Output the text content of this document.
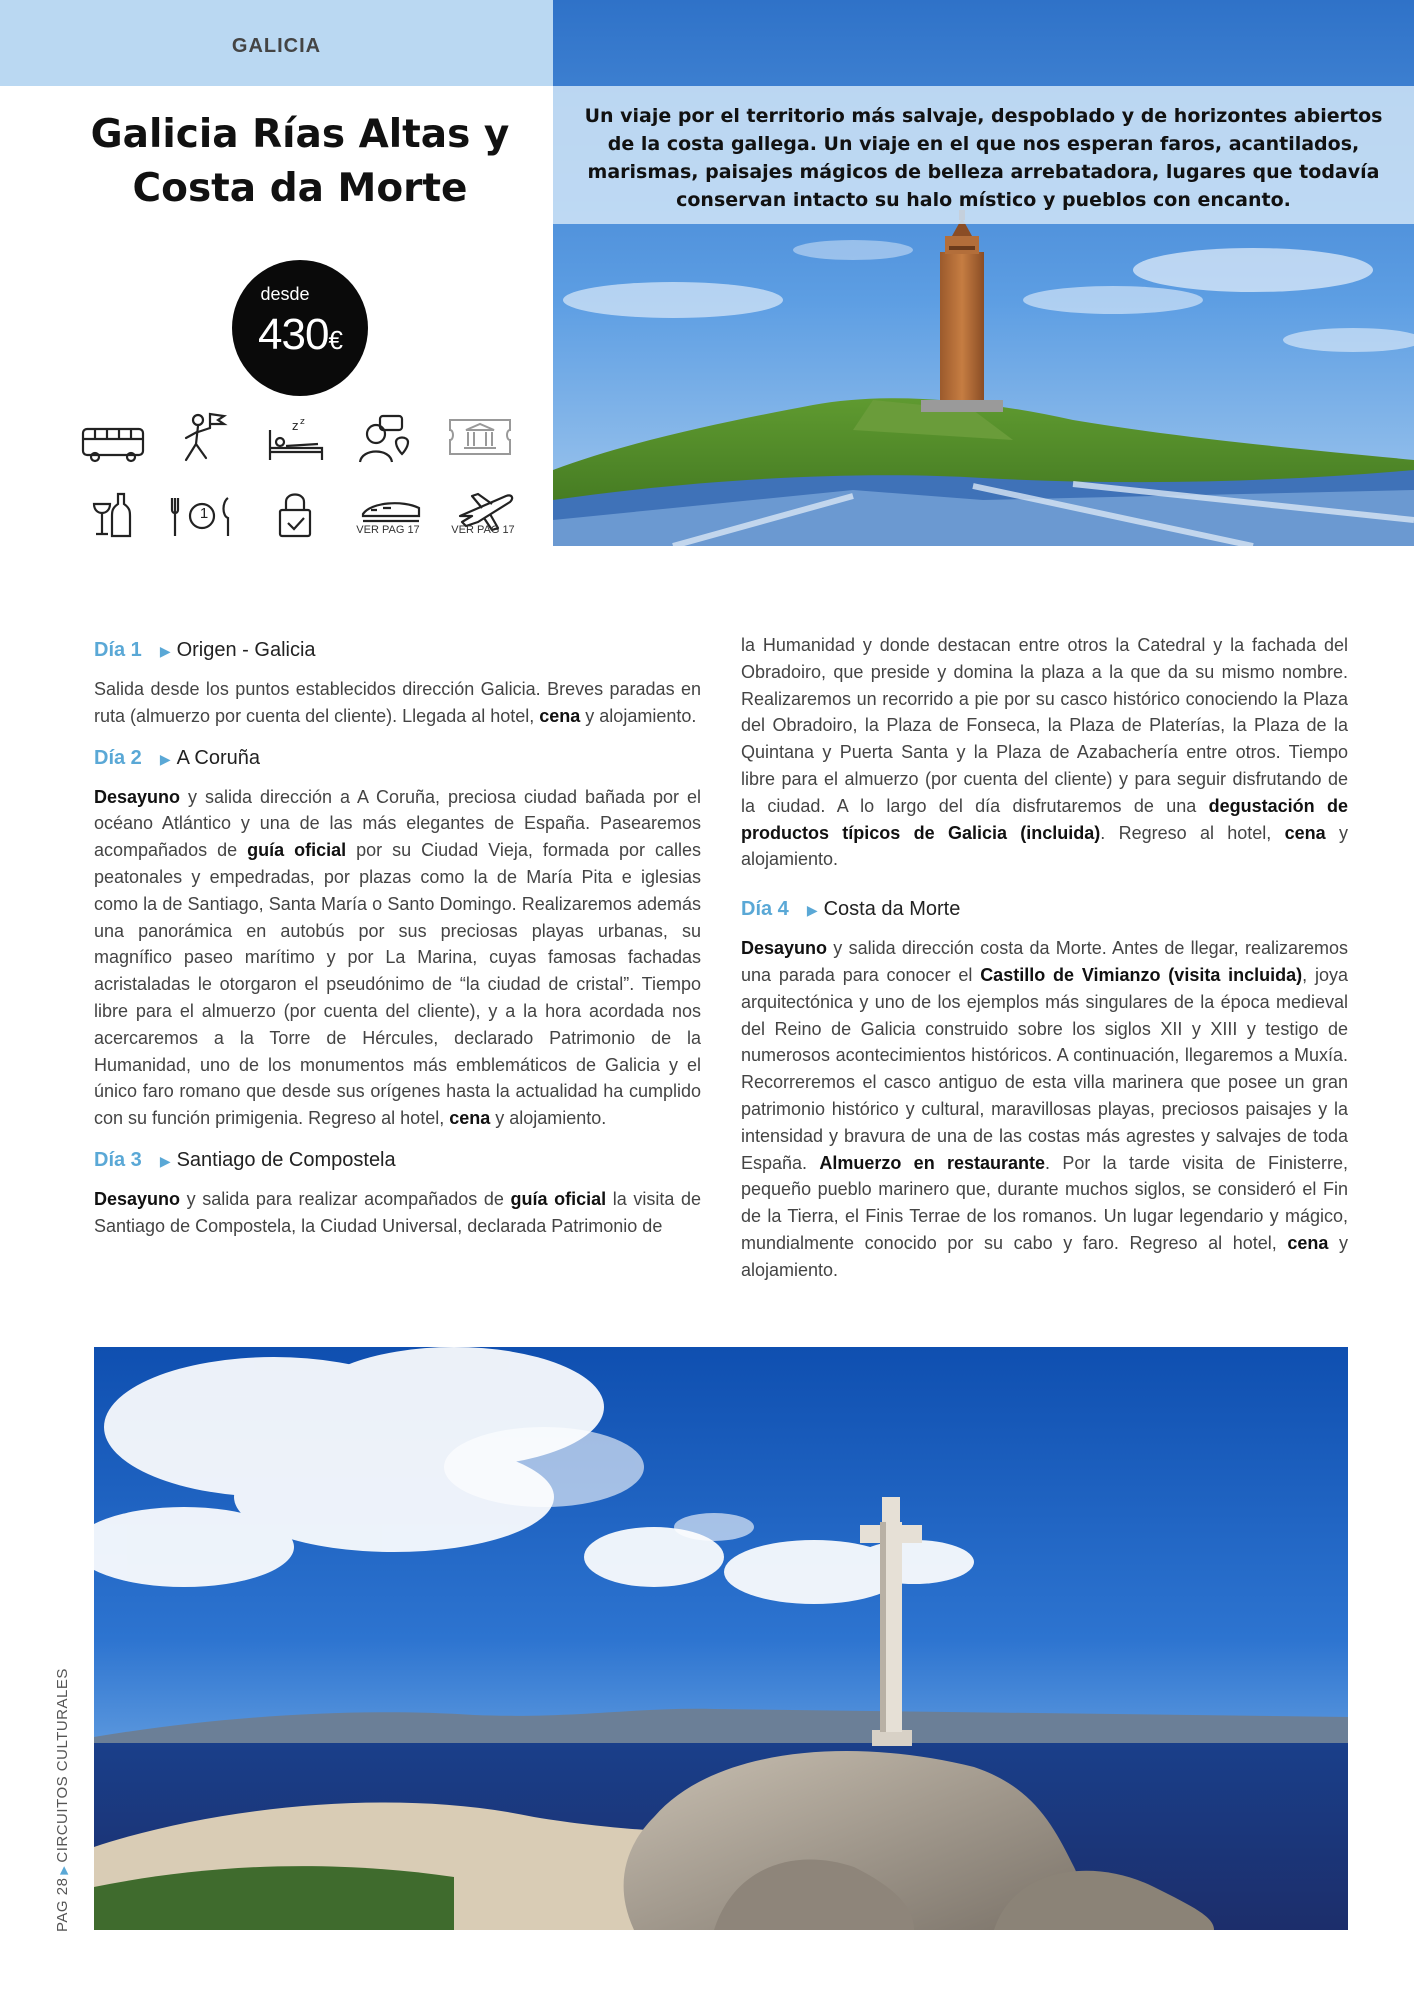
GALICIA
Galicia Rías Altas y
Costa da Morte
desde
430€
z z
1
VER PAG 17	VER PAG 17
Un viaje por el territorio más salvaje, despoblado y de horizontes abiertos de la costa gallega. Un viaje en el que nos esperan faros, acantilados, marismas, paisajes mágicos de belleza arrebatadora, lugares que todavía conservan intacto su halo místico y pueblos con encanto.
Día 1 ▶ Origen - Galicia

Salida desde los puntos establecidos dirección Galicia. Breves paradas en ruta (almuerzo por cuenta del cliente). Llegada al hotel, cena y alojamiento.

Día 2 ▶ A Coruña

Desayuno y salida dirección a A Coruña, preciosa ciudad bañada por el océano Atlántico y una de las más elegantes de España. Pasearemos acompañados de guía oficial por su Ciudad Vieja, formada por calles peatonales y empedradas, por plazas como la de María Pita e iglesias como la de Santiago, Santa María o Santo Domingo. Realizaremos además una panorámica en autobús por sus preciosas playas urbanas, su magnífico paseo marítimo y por La Marina, cuyas famosas fachadas acristaladas le otorgaron el pseudónimo de “la ciudad de cristal”. Tiempo libre para el almuerzo (por cuenta del cliente), y a la hora acordada nos acercaremos a la Torre de Hércules, declarado Patrimonio de la Humanidad, uno de los monumentos más emblemáticos de Galicia y el único faro romano que desde sus orígenes hasta la actualidad ha cumplido con su función primigenia. Regreso al hotel, cena y alojamiento.

Día 3 ▶ Santiago de Compostela

Desayuno y salida para realizar acompañados de guía oficial la visita de Santiago de Compostela, la Ciudad Universal, declarada Patrimonio de

la Humanidad y donde destacan entre otros la Catedral y la fachada del Obradoiro, que preside y domina la plaza a la que da su mismo nombre. Realizaremos un recorrido a pie por su casco histórico conociendo la Plaza del Obradoiro, la Plaza de Fonseca, la Plaza de Platerías, la Plaza de la Quintana y Puerta Santa y la Plaza de Azabachería entre otros. Tiempo libre para el almuerzo (por cuenta del cliente) y para seguir disfrutando de la ciudad. A lo largo del día disfrutaremos de una degustación de productos típicos de Galicia (incluida). Regreso al hotel, cena y alojamiento.

Día 4 ▶ Costa da Morte

Desayuno y salida dirección costa da Morte. Antes de llegar, realizaremos una parada para conocer el Castillo de Vimianzo (visita incluida), joya arquitectónica y uno de los ejemplos más singulares de la época medieval del Reino de Galicia construido sobre los siglos XII y XIII y testigo de numerosos acontecimientos históricos. A continuación, llegaremos a Muxía. Recorreremos el casco antiguo de esta villa marinera que posee un gran patrimonio histórico y cultural, maravillosas playas, preciosos paisajes y la intensidad y bravura de una de las costas más agrestes y salvajes de toda España. Almuerzo en restaurante. Por la tarde visita de Finisterre, pequeño pueblo marinero que, durante muchos siglos, se consideró el Fin de la Tierra, el Finis Terrae de los romanos. Un lugar legendario y mágico, mundialmente conocido por su cabo y faro. Regreso al hotel, cena y alojamiento.

PAG 28▶CIRCUITOS CULTURALES
